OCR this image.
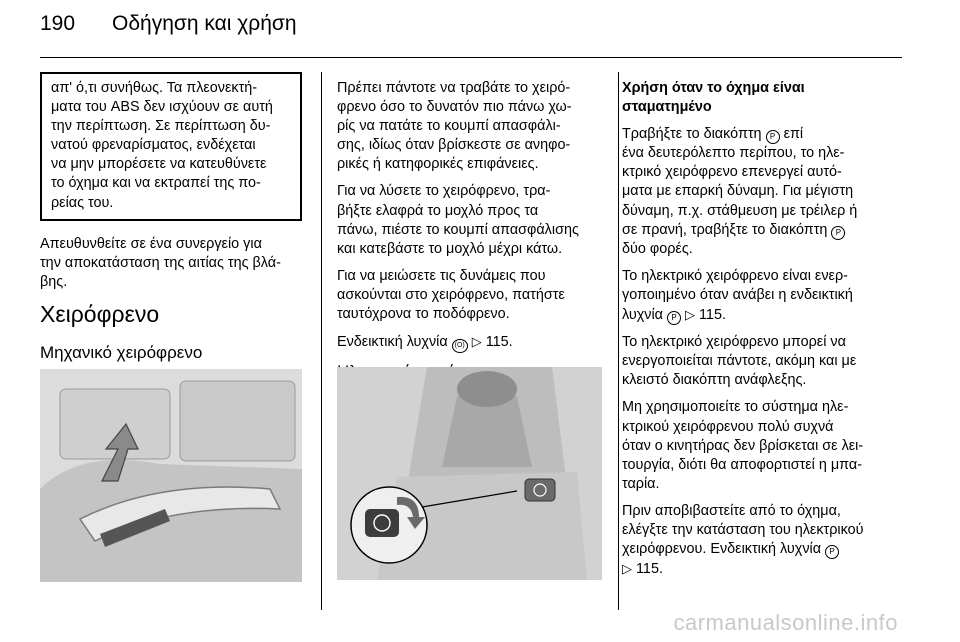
190	Οδήγηση και χρήση

απ' ό,τι συνήθως. Τα πλεονεκτή-

ματα του ABS δεν ισχύουν σε αυτή

την περίπτωση. Σε περίπτωση δυ-

νατού φρεναρίσματος, ενδέχεται

να μην μπορέσετε να κατευθύνετε

το όχημα και να εκτραπεί της πο-

ρείας του.

Απευθυνθείτε σε ένα συνεργείο για
την αποκατάσταση της αιτίας της βλά-
βης.
Χειρόφρενο
Μηχανικό χειρόφρενο

Πρέπει πάντοτε να τραβάτε το χειρό-
φρενο όσο το δυνατόν πιο πάνω χω-
ρίς να πατάτε το κουμπί απασφάλι-
σης, ιδίως όταν βρίσκεστε σε ανηφο-
ρικές ή κατηφορικές επιφάνειες.

Για να λύσετε το χειρόφρενο, τρα-
βήξτε ελαφρά το μοχλό προς τα
πάνω, πιέστε το κουμπί απασφάλισης
και κατεβάστε το μοχλό μέχρι κάτω.

Για να μειώσετε τις δυνάμεις που
ασκούνται στο χειρόφρενο, πατήστε
ταυτόχρονα το ποδόφρενο.

Ενδεικτική λυχνία (O) ▷ 115.

Χρήση όταν το όχημα είναι
σταματημένο

Τραβήξτε το διακόπτη P επί
ένα δευτερόλεπτο περίπου, το ηλε-
κτρικό χειρόφρενο επενεργεί αυτό-
ματα με επαρκή δύναμη. Για μέγιστη
δύναμη, π.χ. στάθμευση με τρέιλερ ή
σε πρανή, τραβήξτε το διακόπτη P
δύο φορές.

Το ηλεκτρικό χειρόφρενο είναι ενερ-
γοποιημένο όταν ανάβει η ενδεικτική
λυχνία P ▷ 115.

Το ηλεκτρικό χειρόφρενο μπορεί να
ενεργοποιείται πάντοτε, ακόμη και με
κλειστό διακόπτη ανάφλεξης.

Μη χρησιμοποιείτε το σύστημα ηλε-
κτρικού χειρόφρενου πολύ συχνά
όταν ο κινητήρας δεν βρίσκεται σε λει-
τουργία, διότι θα αποφορτιστεί η μπα-
ταρία.

Πριν αποβιβαστείτε από το όχημα,
ελέγξτε την κατάσταση του ηλεκτρικού
χειρόφρενου. Ενδεικτική λυχνία P
▷ 115.

carmanualsonline.info
